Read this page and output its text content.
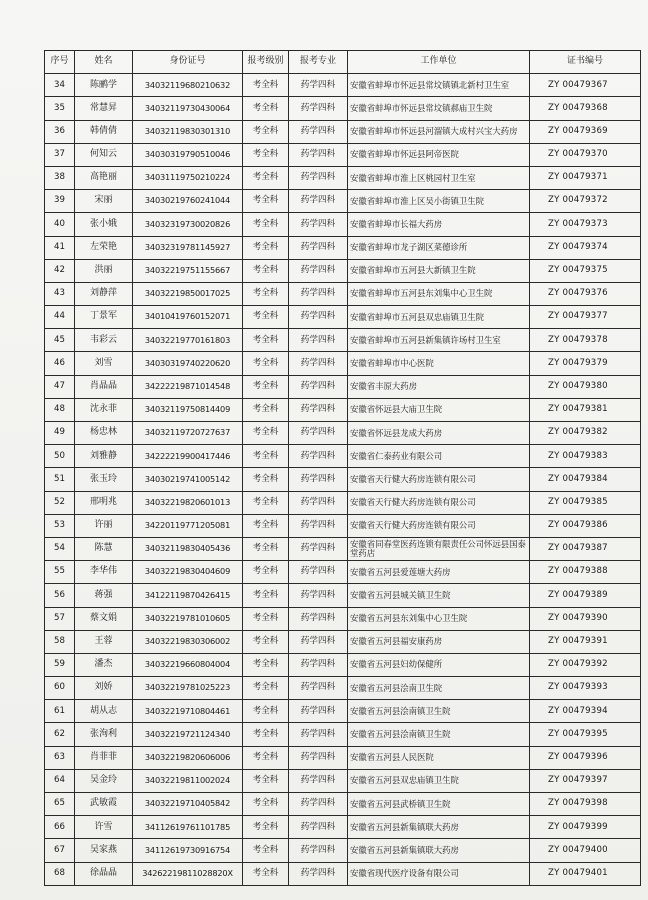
序号	姓名	身份证号	报考级别	报考专业	工作单位	证书编号
34	陈鹂学	34032119680210632	考全科	药学四科	安徽省蚌埠市怀远县常坟镇镇北新村卫生室	ZY 00479367
35	常慧昇	34032119730430064	考全科	药学四科	安徽省蚌埠市怀远县常坟镇郝庙卫生院	ZY 00479368
36	韩倩倩	34032119830301310	考全科	药学四科	安徽省蚌埠市怀远县河溜镇大成村兴宝大药房	ZY 00479369
37	何知云	34030319790510046	考全科	药学四科	安徽省蚌埠市怀远县阿帝医院	ZY 00479370
38	高艳丽	34031119750210224	考全科	药学四科	安徽省蚌埠市淮上区桃园村卫生室	ZY 00479371
39	宋丽	34030219760241044	考全科	药学四科	安徽省蚌埠市淮上区吴小街镇卫生院	ZY 00479372
40	张小娥	34032319730020826	考全科	药学四科	安徽省蚌埠市长福大药房	ZY 00479373
41	左荣艳	34032319781145927	考全科	药学四科	安徽省蚌埠市龙子湖区菜德诊所	ZY 00479374
42	洪丽	34032219751155667	考全科	药学四科	安徽省蚌埠市五河县大新镇卫生院	ZY 00479375
43	刘静萍	34032219850017025	考全科	药学四科	安徽省蚌埠市五河县东刘集中心卫生院	ZY 00479376
44	丁景军	34010419760152071	考全科	药学四科	安徽省蚌埠市五河县双忠庙镇卫生院	ZY 00479377
45	韦彩云	34032219770161803	考全科	药学四科	安徽省蚌埠市五河县新集镇许场村卫生室	ZY 00479378
46	刘雪	34030319740220620	考全科	药学四科	安徽省蚌埠市中心医院	ZY 00479379
47	肖晶晶	34222219871014548	考全科	药学四科	安徽省丰原大药房	ZY 00479380
48	沈永菲	34032119750814409	考全科	药学四科	安徽省怀远县大庙卫生院	ZY 00479381
49	杨忠林	34032119720727637	考全科	药学四科	安徽省怀远县龙成大药房	ZY 00479382
50	刘雅静	34222219900417446	考全科	药学四科	安徽省仁泰药业有限公司	ZY 00479383
51	张玉玲	34030219741005142	考全科	药学四科	安徽省天行健大药房连锁有限公司	ZY 00479384
52	邢明兆	34032219820601013	考全科	药学四科	安徽省天行健大药房连锁有限公司	ZY 00479385
53	许丽	34220119771205081	考全科	药学四科	安徽省天行健大药房连锁有限公司	ZY 00479386
54	陈慧	34032119830405436	考全科	药学四科	安徽省同春堂医药连锁有限责任公司怀远县国泰堂药店	ZY 00479387
55	李华伟	34032219830404609	考全科	药学四科	安徽省五河县爱莲塘大药房	ZY 00479388
56	蒋强	34122119870426415	考全科	药学四科	安徽省五河县城关镇卫生院	ZY 00479389
57	蔡文娟	34032219781010605	考全科	药学四科	安徽省五河县东刘集中心卫生院	ZY 00479390
58	王蓉	34032219830306002	考全科	药学四科	安徽省五河县福安康药房	ZY 00479391
59	潘杰	34032219660804004	考全科	药学四科	安徽省五河县妇幼保健所	ZY 00479392
60	刘娇	34032219781025223	考全科	药学四科	安徽省五河县浍南卫生院	ZY 00479393
61	胡从志	34032219710804461	考全科	药学四科	安徽省五河县浍南镇卫生院	ZY 00479394
62	张洵利	34032219721124340	考全科	药学四科	安徽省五河县浍南镇卫生院	ZY 00479395
63	肖菲菲	34032219820606006	考全科	药学四科	安徽省五河县人民医院	ZY 00479396
64	吴金玲	34032219811002024	考全科	药学四科	安徽省五河县双忠庙镇卫生院	ZY 00479397
65	武敏霞	34032219710405842	考全科	药学四科	安徽省五河县武桥镇卫生院	ZY 00479398
66	许雪	34112619761101785	考全科	药学四科	安徽省五河县新集镇联大药房	ZY 00479399
67	吴家燕	34112619730916754	考全科	药学四科	安徽省五河县新集镇联大药房	ZY 00479400
68	徐晶晶	34262219811028820X	考全科	药学四科	安徽省现代医疗设备有限公司	ZY 00479401
